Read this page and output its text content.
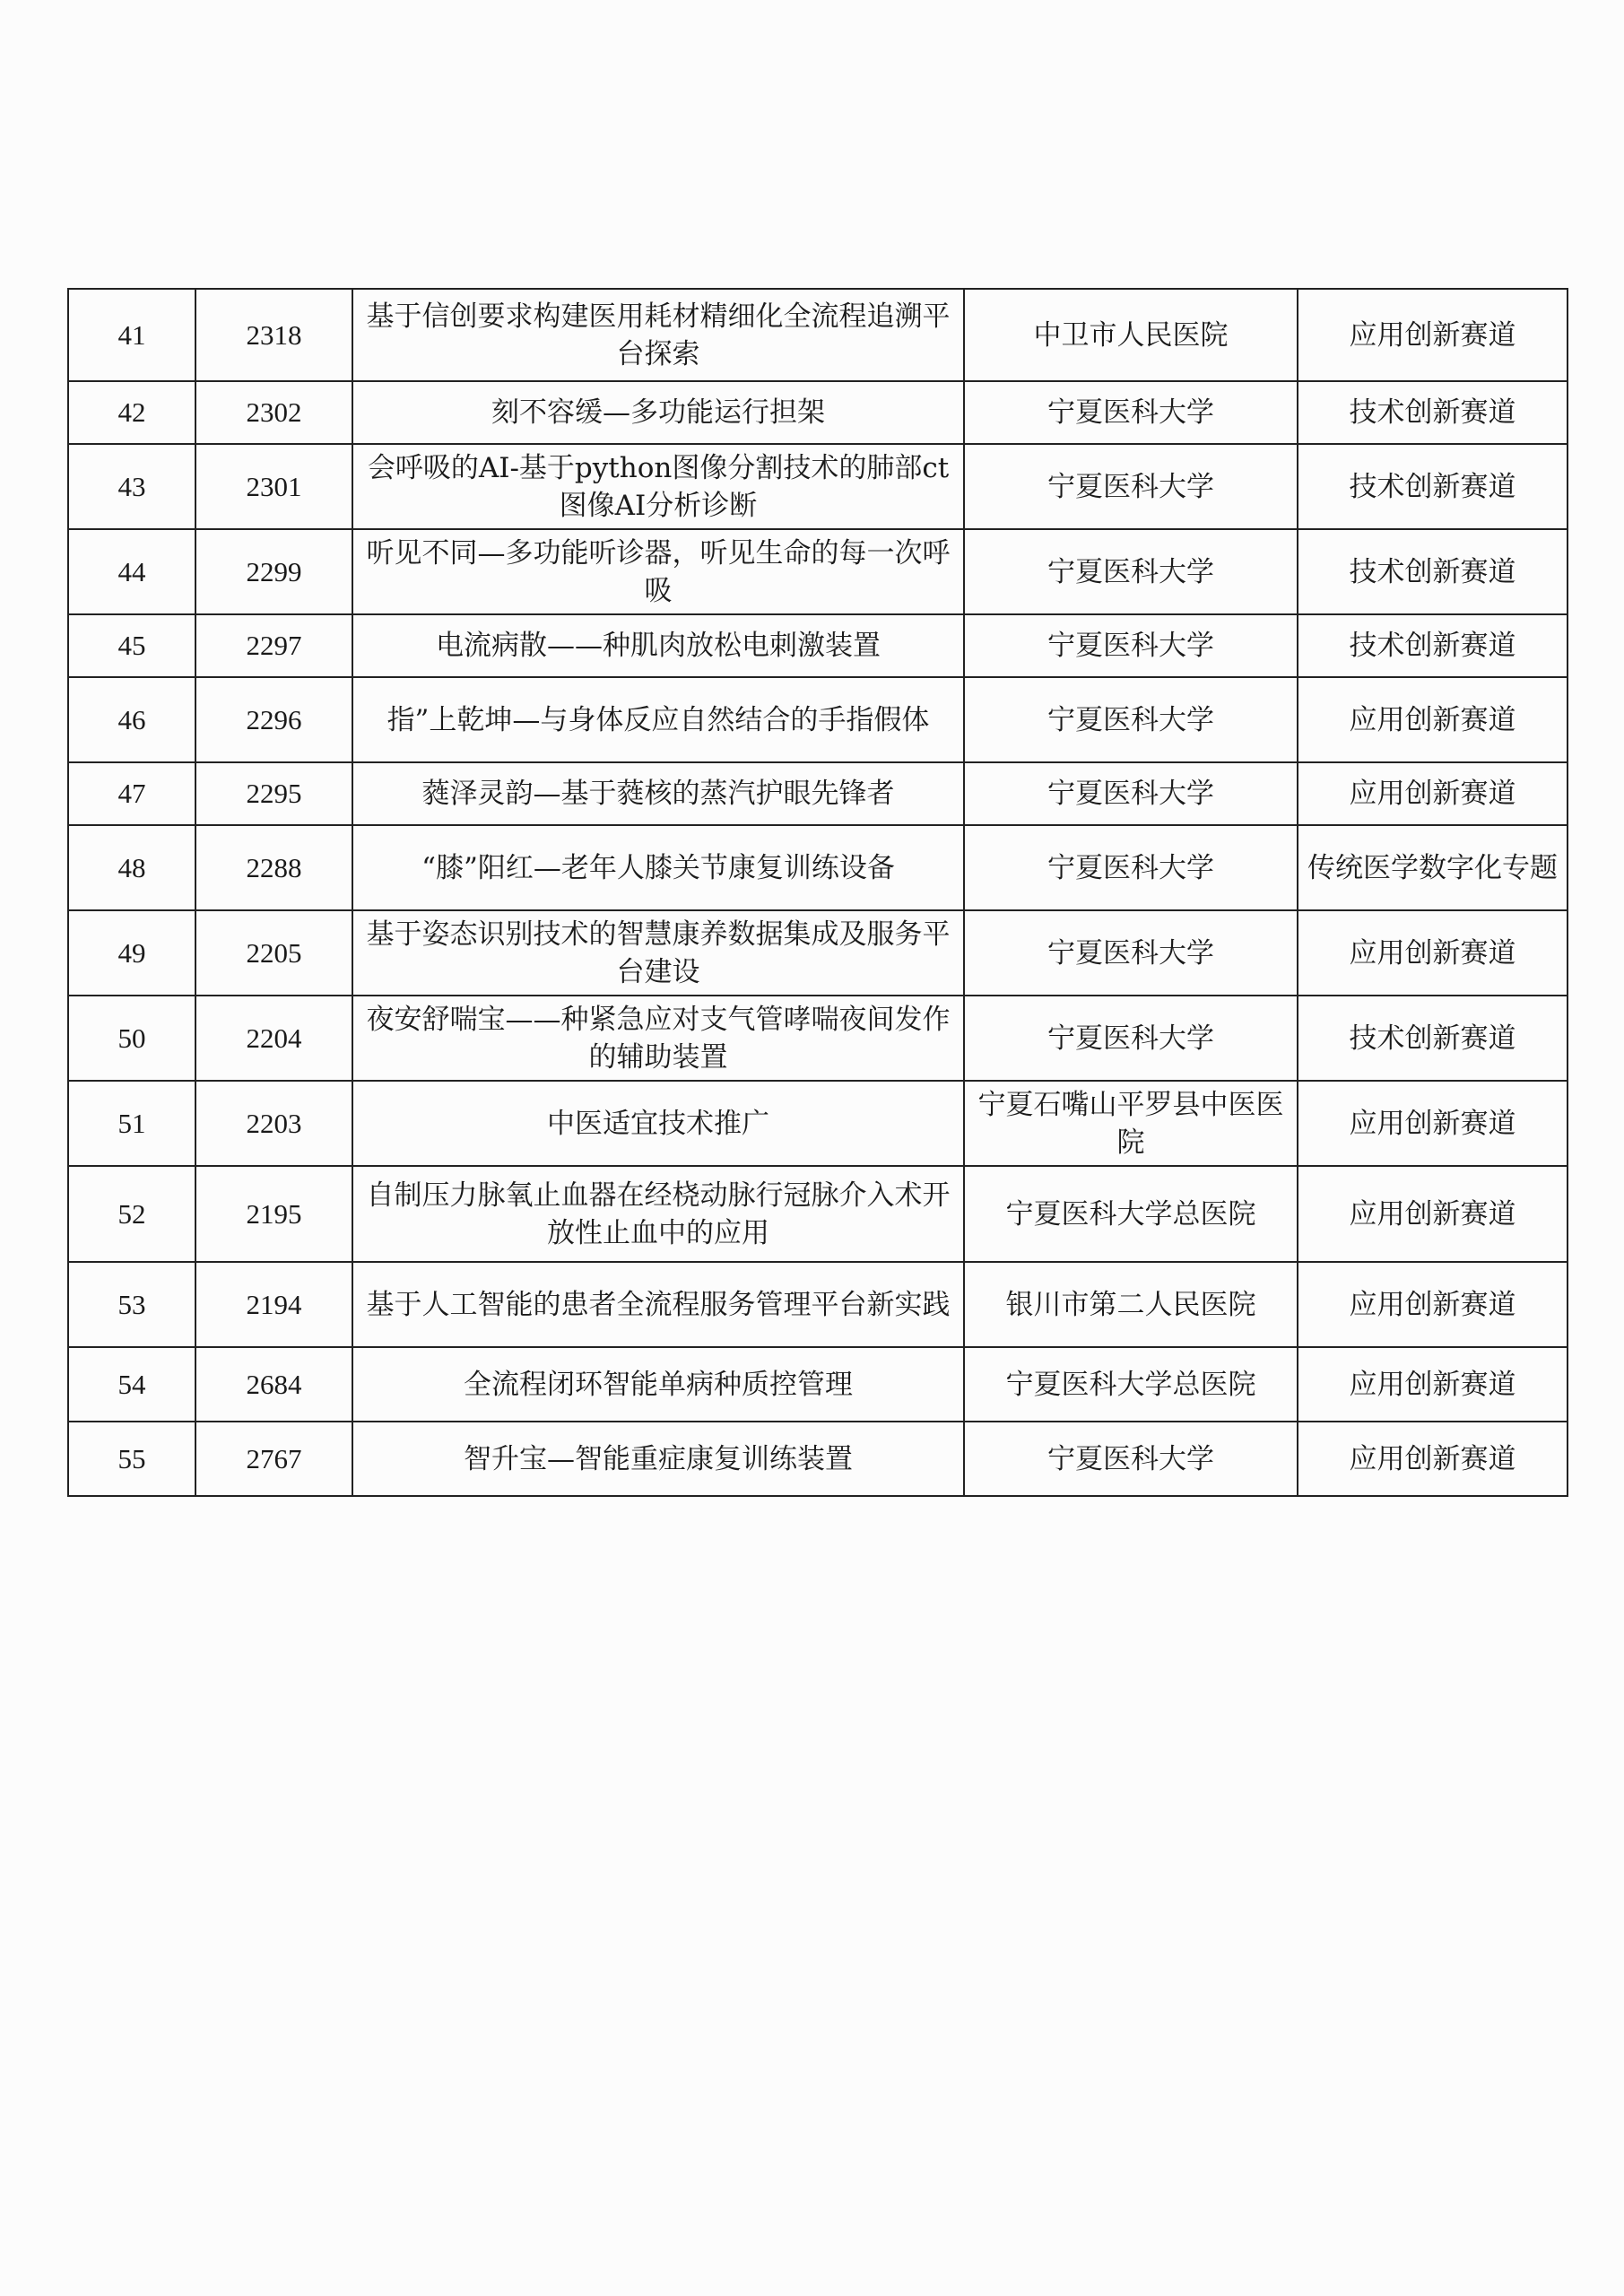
41	2318	基于信创要求构建医用耗材精细化全流程追溯平台探索	中卫市人民医院	应用创新赛道
42	2302	刻不容缓—多功能运行担架	宁夏医科大学	技术创新赛道
43	2301	会呼吸的AI-基于python图像分割技术的肺部ct图像AI分析诊断	宁夏医科大学	技术创新赛道
44	2299	听见不同—多功能听诊器，听见生命的每一次呼吸	宁夏医科大学	技术创新赛道
45	2297	电流病散——种肌肉放松电刺激装置	宁夏医科大学	技术创新赛道
46	2296	指”上乾坤—与身体反应自然结合的手指假体	宁夏医科大学	应用创新赛道
47	2295	蕤泽灵韵—基于蕤核的蒸汽护眼先锋者	宁夏医科大学	应用创新赛道
48	2288	“膝”阳红—老年人膝关节康复训练设备	宁夏医科大学	传统医学数字化专题
49	2205	基于姿态识别技术的智慧康养数据集成及服务平台建设	宁夏医科大学	应用创新赛道
50	2204	夜安舒喘宝——种紧急应对支气管哮喘夜间发作的辅助装置	宁夏医科大学	技术创新赛道
51	2203	中医适宜技术推广	宁夏石嘴山平罗县中医医院	应用创新赛道
52	2195	自制压力脉氧止血器在经桡动脉行冠脉介入术开放性止血中的应用	宁夏医科大学总医院	应用创新赛道
53	2194	基于人工智能的患者全流程服务管理平台新实践	银川市第二人民医院	应用创新赛道
54	2684	全流程闭环智能单病种质控管理	宁夏医科大学总医院	应用创新赛道
55	2767	智升宝—智能重症康复训练装置	宁夏医科大学	应用创新赛道
